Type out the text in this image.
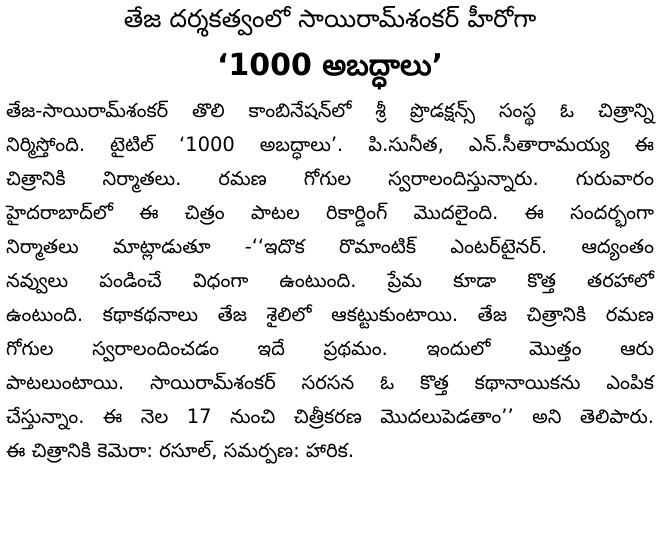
తేజ దర్శకత్వంలో సాయిరామ్‌శంకర్‌ హీరోగా
‘1000 అబద్ధాలు’
తేజ-సాయిరామ్‌శంకర్‌ తొలి కాంబినేషన్‌లో శ్రీ ప్రొడక్షన్స్‌ సంస్థ ఓ చిత్రాన్ని
నిర్మిస్తోంది. టైటిల్‌ ‘1000 అబద్ధాలు’. పి.సునీత, ఎన్‌.సీతారామయ్య ఈ
చిత్రానికి నిర్మాతలు. రమణ గోగుల స్వరాలందిస్తున్నారు. గురువారం
హైదరాబాద్‌లో ఈ చిత్రం పాటల రికార్డింగ్‌ మొదలైంది. ఈ సందర్భంగా
నిర్మాతలు మాట్లాడుతూ -‘‘ఇదొక రొమాంటిక్‌ ఎంటర్‌టైనర్‌. ఆద్యంతం
నవ్వులు పండించే విధంగా ఉంటుంది. ప్రేమ కూడా కొత్త తరహాలో
ఉంటుంది. కథాకథనాలు తేజ శైలిలో ఆకట్టుకుంటాయి. తేజ చిత్రానికి రమణ
గోగుల స్వరాలందించడం ఇదే ప్రథమం. ఇందులో మొత్తం ఆరు
పాటలుంటాయి. సాయిరామ్‌శంకర్‌ సరసన ఓ కొత్త కథానాయికను ఎంపిక
చేస్తున్నాం. ఈ నెల 17 నుంచి చిత్రీకరణ మొదలుపెడతాం’’ అని తెలిపారు.
ఈ చిత్రానికి కెమెరా: రసూల్‌, సమర్పణ: హారిక.
